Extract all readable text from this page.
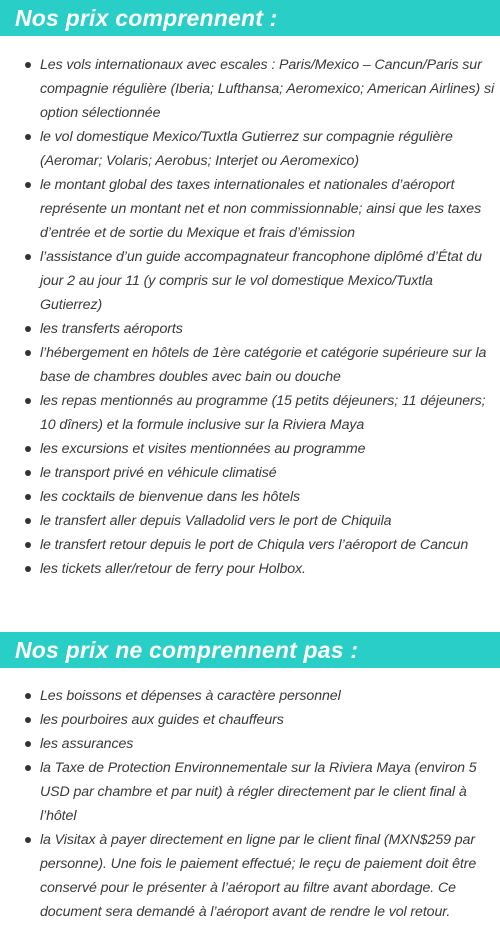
Nos prix comprennent :
Les vols internationaux avec escales : Paris/Mexico – Cancun/Paris sur compagnie régulière (Iberia; Lufthansa; Aeromexico; American Airlines) si option sélectionnée
le vol domestique Mexico/Tuxtla Gutierrez sur compagnie régulière (Aeromar; Volaris; Aerobus; Interjet ou Aeromexico)
le montant global des taxes internationales et nationales d’aéroport représente un montant net et non commissionnable; ainsi que les taxes d’entrée et de sortie du Mexique et frais d’émission
l’assistance d’un guide accompagnateur francophone diplômé d’État du jour 2 au jour 11 (y compris sur le vol domestique Mexico/Tuxtla Gutierrez)
les transferts aéroports
l’hébergement en hôtels de 1ère catégorie et catégorie supérieure sur la base de chambres doubles avec bain ou douche
les repas mentionnés au programme (15 petits déjeuners; 11 déjeuners; 10 dîners) et la formule inclusive sur la Riviera Maya
les excursions et visites mentionnées au programme
le transport privé en véhicule climatisé
les cocktails de bienvenue dans les hôtels
le transfert aller depuis Valladolid vers le port de Chiquila
le transfert retour depuis le port de Chiqula vers l’aéroport de Cancun
les tickets aller/retour de ferry pour Holbox.
Nos prix ne comprennent pas :
Les boissons et dépenses à caractère personnel
les pourboires aux guides et chauffeurs
les assurances
la Taxe de Protection Environnementale sur la Riviera Maya (environ 5 USD par chambre et par nuit) à régler directement par le client final à l’hôtel
la Visitax à payer directement en ligne par le client final (MXN$259 par personne). Une fois le paiement effectué; le reçu de paiement doit être conservé pour le présenter à l’aéroport au filtre avant abordage. Ce document sera demandé à l’aéroport avant de rendre le vol retour.
